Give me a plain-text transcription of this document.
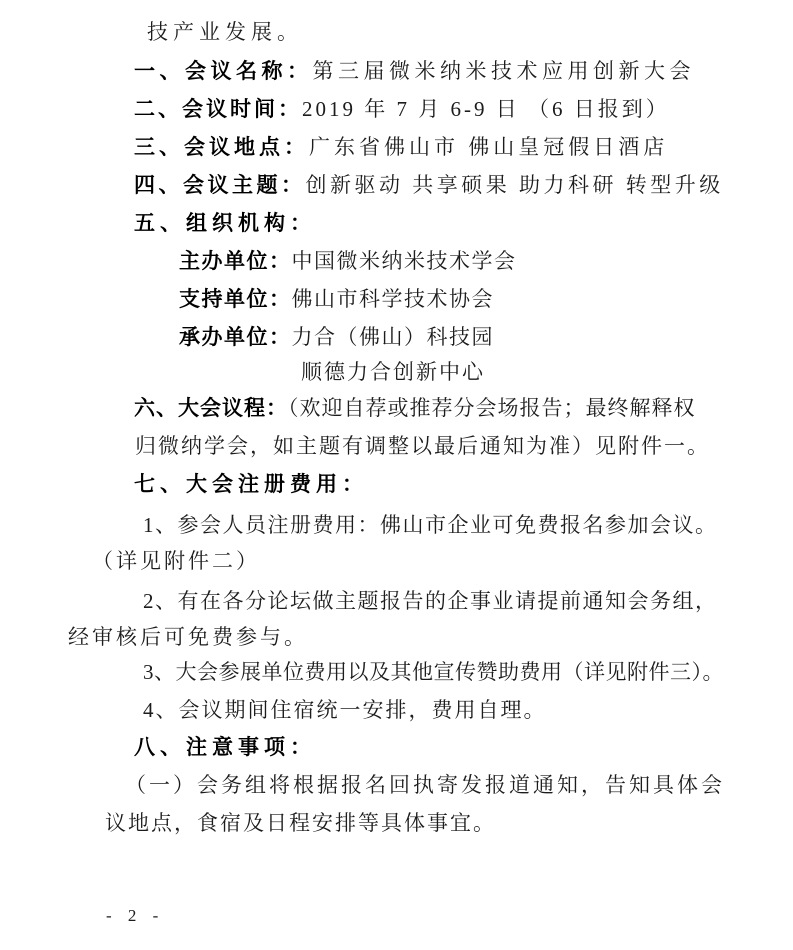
技产业发展。

一、会议名称：第三届微米纳米技术应用创新大会

二、会议时间：2019 年 7 月 6-9 日 （6 日报到）

三、会议地点：广东省佛山市 佛山皇冠假日酒店

四、会议主题：创新驱动 共享硕果 助力科研 转型升级

五、组织机构：

主办单位：中国微米纳米技术学会

支持单位：佛山市科学技术协会

承办单位：力合（佛山）科技园

顺德力合创新中心

六、大会议程：（欢迎自荐或推荐分会场报告；最终解释权

归微纳学会，如主题有调整以最后通知为准）见附件一。

七、大会注册费用：

1、参会人员注册费用：佛山市企业可免费报名参加会议。

（详见附件二）

2、有在各分论坛做主题报告的企事业请提前通知会务组，

经审核后可免费参与。

3、大会参展单位费用以及其他宣传赞助费用（详见附件三）。

4、会议期间住宿统一安排，费用自理。

八、注意事项：

（一）会务组将根据报名回执寄发报道通知，告知具体会

议地点，食宿及日程安排等具体事宜。

- 2 -
